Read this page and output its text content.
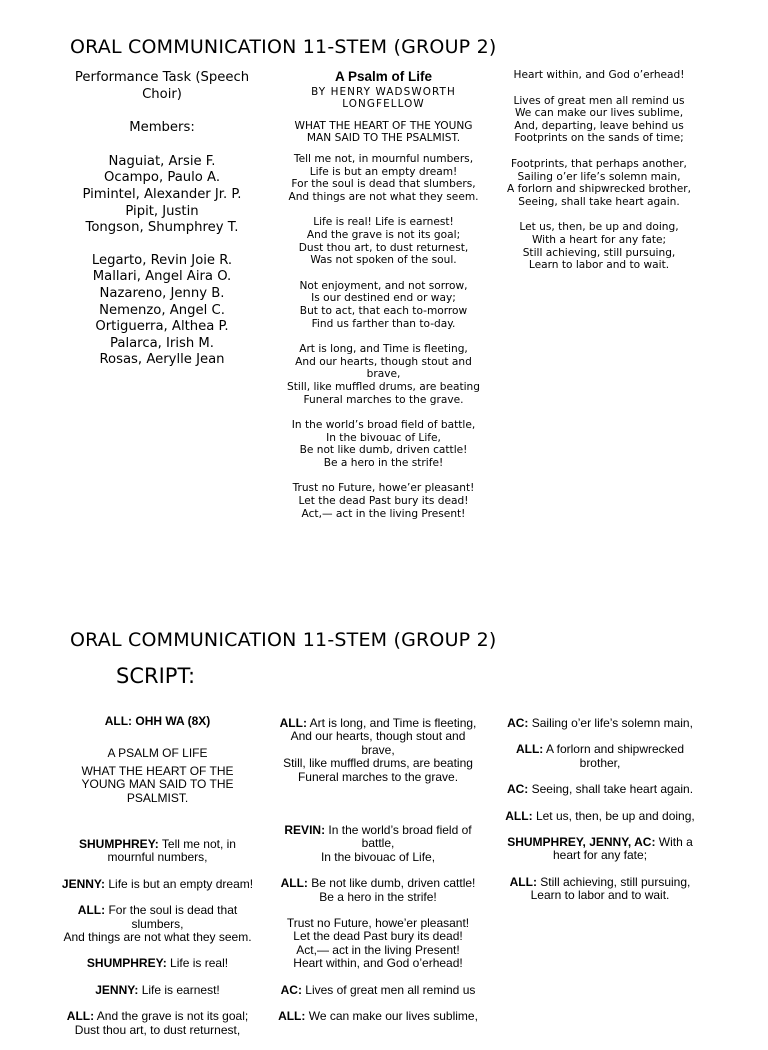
ORAL COMMUNICATION 11-STEM (GROUP 2)
Performance Task (Speech Choir)
Members:
Naguiat, Arsie F.
Ocampo, Paulo A.
Pimintel, Alexander Jr. P.
Pipit, Justin
Tongson, Shumphrey T.
Legarto, Revin Joie R.
Mallari, Angel Aira O.
Nazareno, Jenny B.
Nemenzo, Angel C.
Ortiguerra, Althea P.
Palarca, Irish M.
Rosas, Aerylle Jean
A Psalm of Life
BY HENRY WADSWORTH LONGFELLOW
WHAT THE HEART OF THE YOUNG MAN SAID TO THE PSALMIST.
Tell me not, in mournful numbers,
Life is but an empty dream!
For the soul is dead that slumbers,
And things are not what they seem.
Life is real! Life is earnest!
And the grave is not its goal;
Dust thou art, to dust returnest,
Was not spoken of the soul.
Not enjoyment, and not sorrow,
Is our destined end or way;
But to act, that each to-morrow
Find us farther than to-day.
Art is long, and Time is fleeting,
And our hearts, though stout and brave,
Still, like muffled drums, are beating
Funeral marches to the grave.
In the world’s broad field of battle,
In the bivouac of Life,
Be not like dumb, driven cattle!
Be a hero in the strife!
Trust no Future, howe’er pleasant!
Let the dead Past bury its dead!
Act,— act in the living Present!
Heart within, and God o’erhead!
Lives of great men all remind us
We can make our lives sublime,
And, departing, leave behind us
Footprints on the sands of time;
Footprints, that perhaps another,
Sailing o’er life’s solemn main,
A forlorn and shipwrecked brother,
Seeing, shall take heart again.
Let us, then, be up and doing,
With a heart for any fate;
Still achieving, still pursuing,
Learn to labor and to wait.
ORAL COMMUNICATION 11-STEM (GROUP 2)
SCRIPT:

ALL: OHH WA (8X)

A PSALM OF LIFE
WHAT THE HEART OF THE YOUNG MAN SAID TO THE PSALMIST.

SHUMPHREY: Tell me not, in mournful numbers,

JENNY: Life is but an empty dream!

ALL: For the soul is dead that slumbers,
And things are not what they seem.

SHUMPHREY: Life is real!

JENNY: Life is earnest!

ALL: And the grave is not its goal;
Dust thou art, to dust returnest,

ALL: Art is long, and Time is fleeting,
And our hearts, though stout and brave,
Still, like muffled drums, are beating
Funeral marches to the grave.

REVIN: In the world’s broad field of battle,
In the bivouac of Life,

ALL: Be not like dumb, driven cattle!
Be a hero in the strife!

Trust no Future, howe’er pleasant!
Let the dead Past bury its dead!
Act,— act in the living Present!
Heart within, and God o’erhead!

AC: Lives of great men all remind us

ALL: We can make our lives sublime,

AC: Sailing o’er life’s solemn main,

ALL: A forlorn and shipwrecked brother,

AC: Seeing, shall take heart again.

ALL: Let us, then, be up and doing,

SHUMPHREY, JENNY, AC: With a heart for any fate;

ALL: Still achieving, still pursuing,
Learn to labor and to wait.
